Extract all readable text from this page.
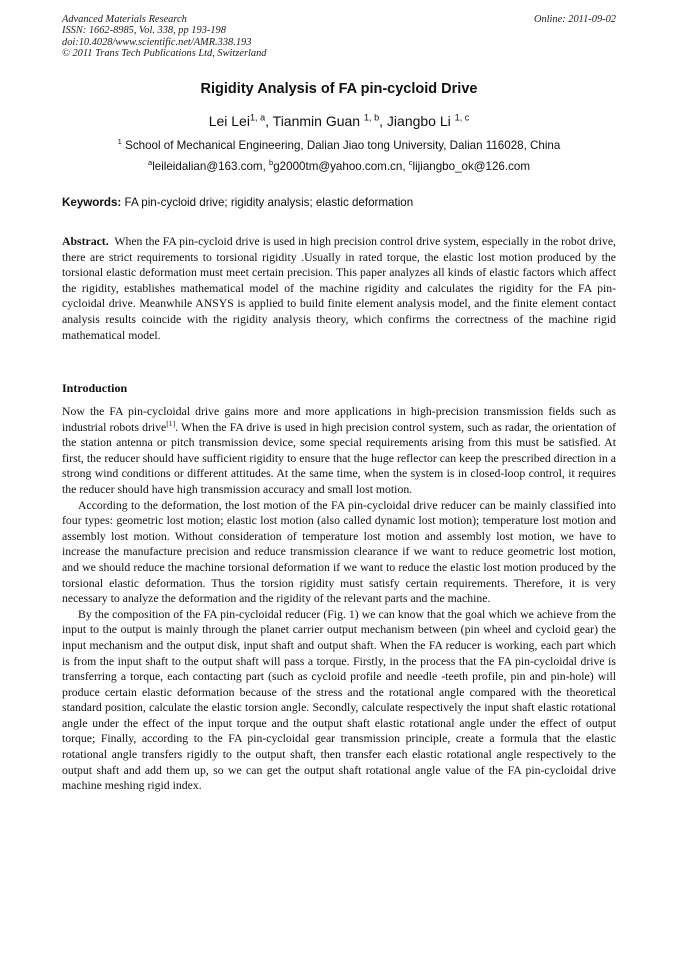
Advanced Materials Research
ISSN: 1662-8985, Vol. 338, pp 193-198
doi:10.4028/www.scientific.net/AMR.338.193
© 2011 Trans Tech Publications Ltd, Switzerland
Online: 2011-09-02
Rigidity Analysis of FA pin-cycloid Drive
Lei Lei$^{1, a}$, Tianmin Guan $^{1, b}$, Jiangbo Li $^{1, c}$
$^1$ School of Mechanical Engineering, Dalian Jiao tong University, Dalian 116028, China
$^a$leileidalian@163.com, $^b$g2000tm@yahoo.com.cn, $^c$lijiangbo_ok@126.com
Keywords: FA pin-cycloid drive; rigidity analysis; elastic deformation
Abstract. When the FA pin-cycloid drive is used in high precision control drive system, especially in the robot drive, there are strict requirements to torsional rigidity .Usually in rated torque, the elastic lost motion produced by the torsional elastic deformation must meet certain precision. This paper analyzes all kinds of elastic factors which affect the rigidity, establishes mathematical model of the machine rigidity and calculates the rigidity for the FA pin-cycloidal drive. Meanwhile ANSYS is applied to build finite element analysis model, and the finite element contact analysis results coincide with the rigidity analysis theory, which confirms the correctness of the machine rigid mathematical model.
Introduction

Now the FA pin-cycloidal drive gains more and more applications in high-precision transmission fields such as industrial robots drive[1]. When the FA drive is used in high precision control system, such as radar, the orientation of the station antenna or pitch transmission device, some special requirements arising from this must be satisfied. At first, the reducer should have sufficient rigidity to ensure that the huge reflector can keep the prescribed direction in a strong wind conditions or different attitudes. At the same time, when the system is in closed-loop control, it requires the reducer should have high transmission accuracy and small lost motion.

According to the deformation, the lost motion of the FA pin-cycloidal drive reducer can be mainly classified into four types: geometric lost motion; elastic lost motion (also called dynamic lost motion); temperature lost motion and assembly lost motion. Without consideration of temperature lost motion and assembly lost motion, we have to increase the manufacture precision and reduce transmission clearance if we want to reduce geometric lost motion, and we should reduce the machine torsional deformation if we want to reduce the elastic lost motion produced by the torsional elastic deformation. Thus the torsion rigidity must satisfy certain requirements. Therefore, it is very necessary to analyze the deformation and the rigidity of the relevant parts and the machine.

By the composition of the FA pin-cycloidal reducer (Fig. 1) we can know that the goal which we achieve from the input to the output is mainly through the planet carrier output mechanism between (pin wheel and cycloid gear) the input mechanism and the output disk, input shaft and output shaft. When the FA reducer is working, each part which is from the input shaft to the output shaft will pass a torque. Firstly, in the process that the FA pin-cycloidal drive is transferring a torque, each contacting part (such as cycloid profile and needle -teeth profile, pin and pin-hole) will produce certain elastic deformation because of the stress and the rotational angle compared with the theoretical standard position, calculate the elastic torsion angle. Secondly, calculate respectively the input shaft elastic rotational angle under the effect of the input torque and the output shaft elastic rotational angle under the effect of output torque; Finally, according to the FA pin-cycloidal gear transmission principle, create a formula that the elastic rotational angle transfers rigidly to the output shaft, then transfer each elastic rotational angle respectively to the output shaft and add them up, so we can get the output shaft rotational angle value of the FA pin-cycloidal drive machine meshing rigid index.
